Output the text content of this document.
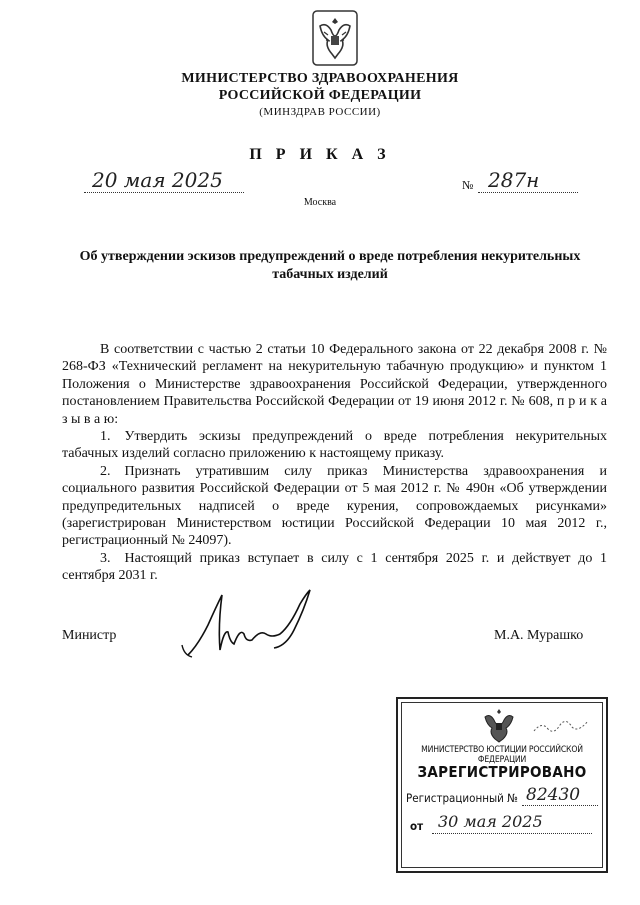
МИНИСТЕРСТВО ЗДРАВООХРАНЕНИЯ
РОССИЙСКОЙ ФЕДЕРАЦИИ
(МИНЗДРАВ РОССИИ)
П Р И К А З
20 мая 2025	№ 287н
Москва
Об утверждении эскизов предупреждений о вреде потребления некурительных
табачных изделий

В соответствии с частью 2 статьи 10 Федерального закона от 22 декабря 2008 г. № 268-ФЗ «Технический регламент на некурительную табачную продукцию» и пунктом 1 Положения о Министерстве здравоохранения Российской Федерации, утвержденного постановлением Правительства Российской Федерации от 19 июня 2012 г. № 608, п р и к а з ы в а ю:

1. Утвердить эскизы предупреждений о вреде потребления некурительных табачных изделий согласно приложению к настоящему приказу.

2. Признать утратившим силу приказ Министерства здравоохранения и социального развития Российской Федерации от 5 мая 2012 г. № 490н «Об утверждении предупредительных надписей о вреде курения, сопровождаемых рисунками» (зарегистрирован Министерством юстиции Российской Федерации 10 мая 2012 г., регистрационный № 24097).

3. Настоящий приказ вступает в силу с 1 сентября 2025 г. и действует до 1 сентября 2031 г.

Министр	М.А. Мурашко
МИНИСТЕРСТВО ЮСТИЦИИ РОССИЙСКОЙ ФЕДЕРАЦИИ
ЗАРЕГИСТРИРОВАНО
Регистрационный № 82430
от 30 мая 2025
